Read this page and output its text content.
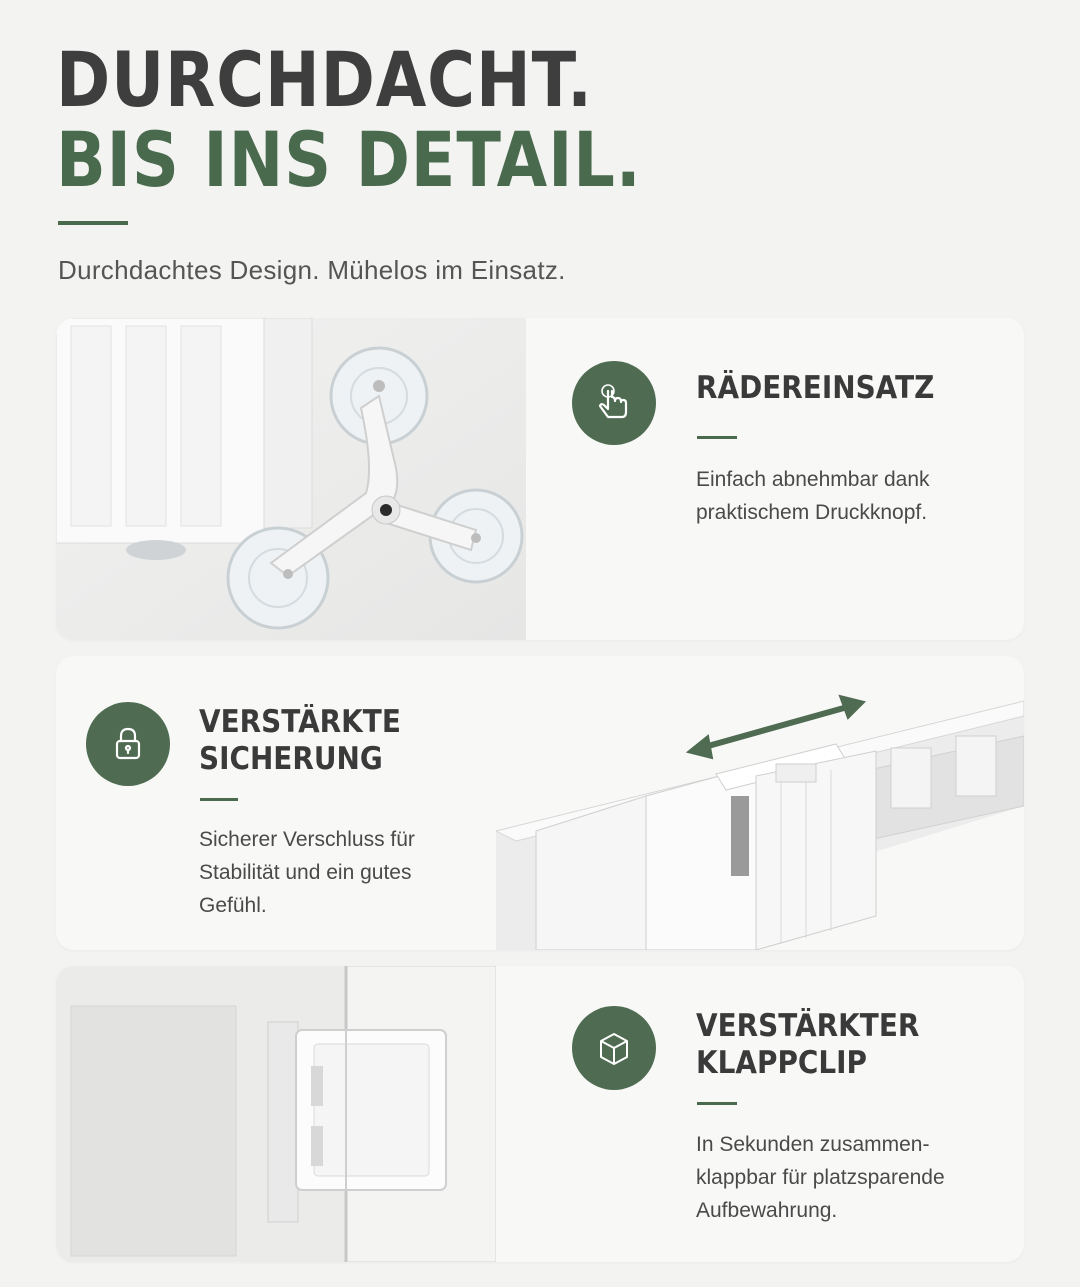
DURCHDACHT.
BIS INS DETAIL.
Durchdachtes Design. Mühelos im Einsatz.
RÄDEREINSATZ
Einfach abnehmbar dank
praktischem Druckknopf.
VERSTÄRKTE
SICHERUNG
Sicherer Verschluss für
Stabilität und ein gutes
Gefühl.
VERSTÄRKTER
KLAPPCLIP
In Sekunden zusammen-
klappbar für platzsparende
Aufbewahrung.
